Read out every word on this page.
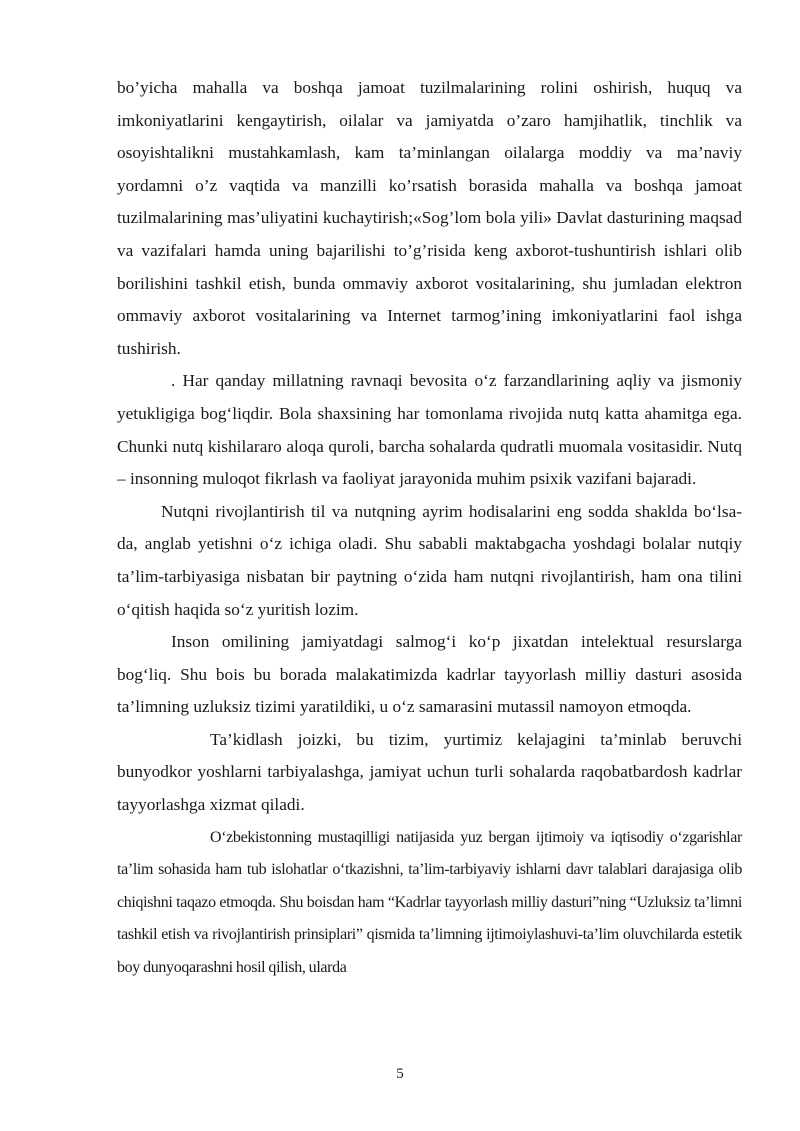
bo’yicha mahalla va boshqa jamoat tuzilmalarining rolini oshirish, huquq va imkoniyatlarini kengaytirish, oilalar va jamiyatda o’zaro hamjihatlik, tinchlik va osoyishtalikni mustahkamlash, kam ta’minlangan oilalarga moddiy va ma’naviy yordamni o’z vaqtida va manzilli ko’rsatish borasida mahalla va boshqa jamoat tuzilmalarining mas’uliyatini kuchaytirish;«Sog’lom bola yili» Davlat dasturining maqsad va vazifalari hamda uning bajarilishi to’g’risida keng axborot-tushuntirish ishlari olib borilishini tashkil etish, bunda ommaviy axborot vositalarining, shu jumladan elektron ommaviy axborot vositalarining va Internet tarmog’ining imkoniyatlarini faol ishga tushirish.

. Har qanday millatning ravnaqi bevosita o‘z farzandlarining aqliy va jismoniy yetukligiga bog‘liqdir. Bola shaxsining har tomonlama rivojida nutq katta ahamitga ega. Chunki nutq kishilararo aloqa quroli, barcha sohalarda qudratli muomala vositasidir. Nutq – insonning muloqot fikrlash va faoliyat jarayonida muhim psixik vazifani bajaradi.

Nutqni rivojlantirish til va nutqning ayrim hodisalarini eng sodda shaklda bo‘lsa-da, anglab yetishni o‘z ichiga oladi. Shu sababli maktabgacha yoshdagi bolalar nutqiy ta’lim-tarbiyasiga nisbatan bir paytning o‘zida ham nutqni rivojlantirish, ham ona tilini o‘qitish haqida so‘z yuritish lozim.

Inson omilining jamiyatdagi salmog‘i ko‘p jixatdan intelektual resurslarga bog‘liq. Shu bois bu borada malakatimizda kadrlar tayyorlash milliy dasturi asosida ta’limning uzluksiz tizimi yaratildiki, u o‘z samarasini mutassil namoyon etmoqda.

Ta’kidlash joizki, bu tizim, yurtimiz kelajagini ta’minlab beruvchi bunyodkor yoshlarni tarbiyalashga, jamiyat uchun turli sohalarda raqobatbardosh kadrlar tayyorlashga xizmat qiladi.

O‘zbekistonning mustaqilligi natijasida yuz bergan ijtimoiy va iqtisodiy o‘zgarishlar ta’lim sohasida ham tub islohatlar o‘tkazishni, ta’lim-tarbiyaviy ishlarni davr talablari darajasiga olib chiqishni taqazo etmoqda. Shu boisdan ham “Kadrlar tayyorlash milliy dasturi”ning “Uzluksiz ta’limni tashkil etish va rivojlantirish prinsiplari” qismida ta’limning ijtimoiylashuvi-ta’lim oluvchilarda estetik boy dunyoqarashni hosil qilish, ularda

5
